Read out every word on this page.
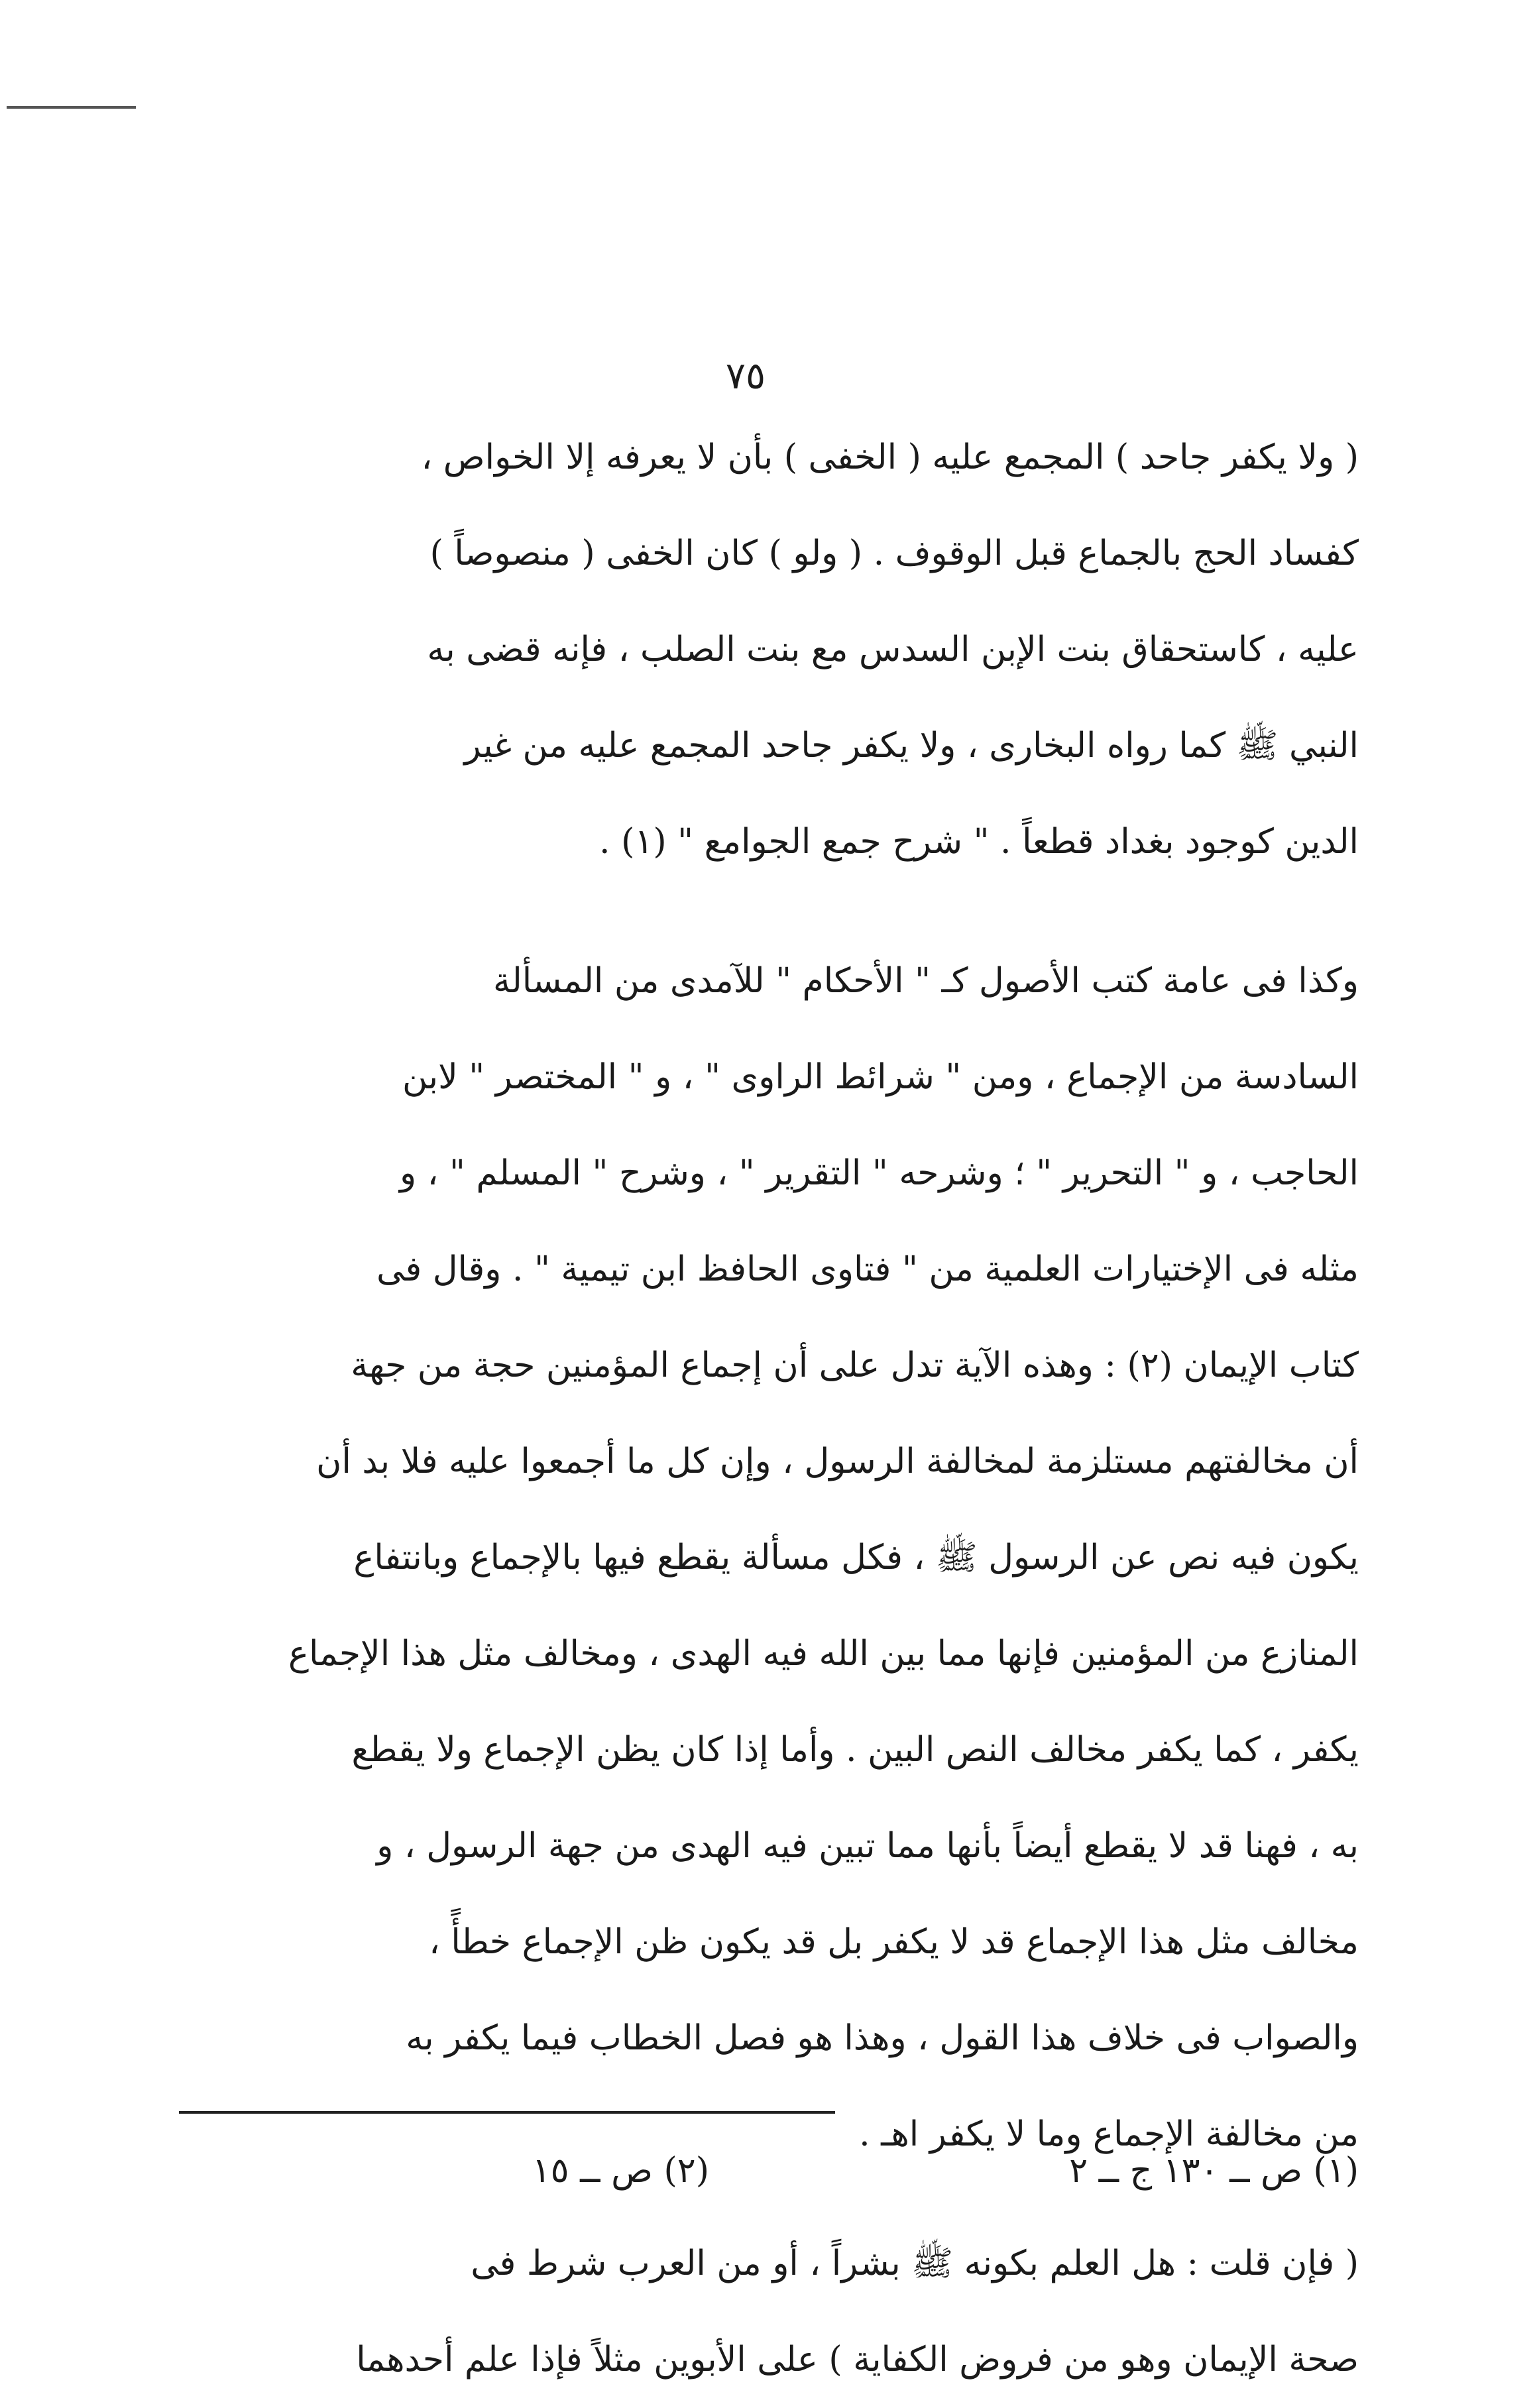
٧٥

( ولا يكفر جاحد ) المجمع عليه ( الخفى ) بأن لا يعرفه إلا الخواص ،

كفساد الحج بالجماع قبل الوقوف . ( ولو ) كان الخفى ( منصوصاً )

عليه ، كاستحقاق بنت الإبن السدس مع بنت الصلب ، فإنه قضى به

النبي ﷺ كما رواه البخارى ، ولا يكفر جاحد المجمع عليه من غير

الدين كوجود بغداد قطعاً . " شرح جمع الجوامع " (١) .

وكذا فى عامة كتب الأصول كـ " الأحكام " للآمدى من المسألة

السادسة من الإجماع ، ومن " شرائط الراوى " ، و " المختصر " لابن

الحاجب ، و " التحرير " ؛ وشرحه " التقرير " ، وشرح " المسلم " ، و

مثله فى الإختيارات العلمية من " فتاوى الحافظ ابن تيمية " . وقال فى

كتاب الإيمان (٢) : وهذه الآية تدل على أن إجماع المؤمنين حجة من جهة

أن مخالفتهم مستلزمة لمخالفة الرسول ، وإن كل ما أجمعوا عليه فلا بد أن

يكون فيه نص عن الرسول ﷺ ، فكل مسألة يقطع فيها بالإجماع وبانتفاع

المنازع من المؤمنين فإنها مما بين الله فيه الهدى ، ومخالف مثل هذا الإجماع

يكفر ، كما يكفر مخالف النص البين . وأما إذا كان يظن الإجماع ولا يقطع

به ، فهنا قد لا يقطع أيضاً بأنها مما تبين فيه الهدى من جهة الرسول ، و

مخالف مثل هذا الإجماع قد لا يكفر بل قد يكون ظن الإجماع خطأً ،

والصواب فى خلاف هذا القول ، وهذا هو فصل الخطاب فيما يكفر به

من مخالفة الإجماع وما لا يكفر اهـ .

( فإن قلت : هل العلم بكونه ﷺ بشراً ، أو من العرب شرط فى

صحة الإيمان وهو من فروض الكفاية ) على الأبوين مثلاً فإذا علم أحدهما

(١) ص ــ ١٣٠ ج ــ ٢
(٢) ص ــ ١٥
